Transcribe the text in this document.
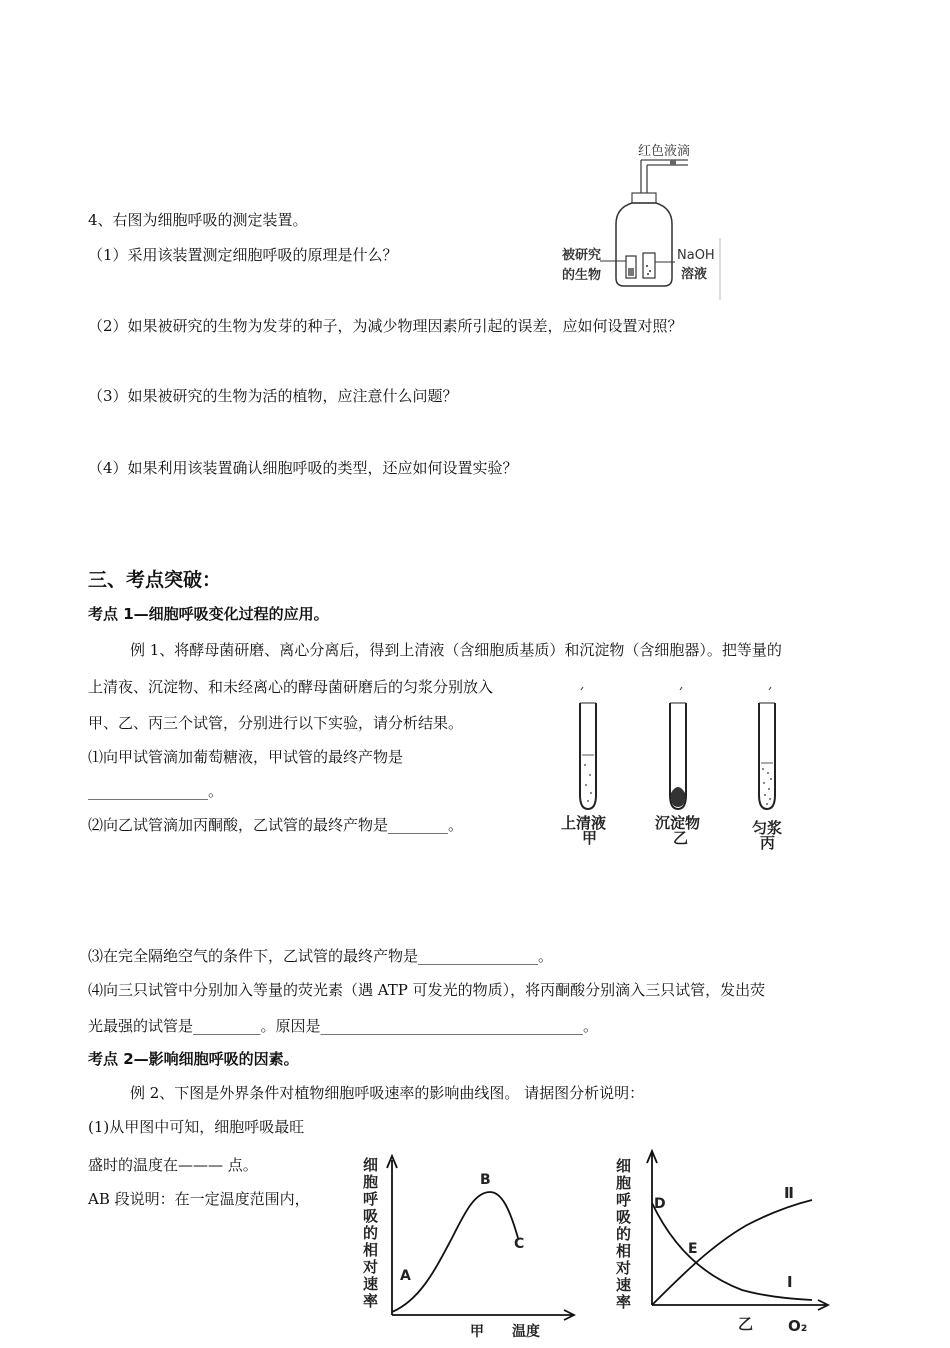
4、右图为细胞呼吸的测定装置。
（1）采用该装置测定细胞呼吸的原理是什么？
（2）如果被研究的生物为发芽的种子，为减少物理因素所引起的误差，应如何设置对照？
（3）如果被研究的生物为活的植物，应注意什么问题？
（4）如果利用该装置确认细胞呼吸的类型，还应如何设置实验？
红色液滴
被研究
的生物
NaOH
溶液
三、考点突破：
考点 1—细胞呼吸变化过程的应用。
例 1、将酵母菌研磨、离心分离后，得到上清液（含细胞质基质）和沉淀物（含细胞器）。把等量的
上清夜、沉淀物、和未经离心的酵母菌研磨后的匀浆分别放入
甲、乙、丙三个试管，分别进行以下实验，请分析结果。
⑴向甲试管滴加葡萄糖液，甲试管的最终产物是
________________。
⑵向乙试管滴加丙酮酸，乙试管的最终产物是________。	上清液
甲
沉淀物
乙
匀浆
丙
⑶在完全隔绝空气的条件下，乙试管的最终产物是________________。
⑷向三只试管中分别加入等量的荧光素（遇 ATP 可发光的物质），将丙酮酸分别滴入三只试管，发出荧
光最强的试管是_________。原因是___________________________________。
考点 2—影响细胞呼吸的因素。
例 2、下图是外界条件对植物细胞呼吸速率的影响曲线图。 请据图分析说明：
(1)从甲图中可知，细胞呼吸最旺
盛时的温度在——— 点。
AB 段说明：在一定温度范围内，
细
胞
呼
吸
的
相
对
速
率
A
B
C
甲 温度
细
胞
呼
吸
的
相
对
速
率
D
E
Ⅱ
Ⅰ
乙 O₂
